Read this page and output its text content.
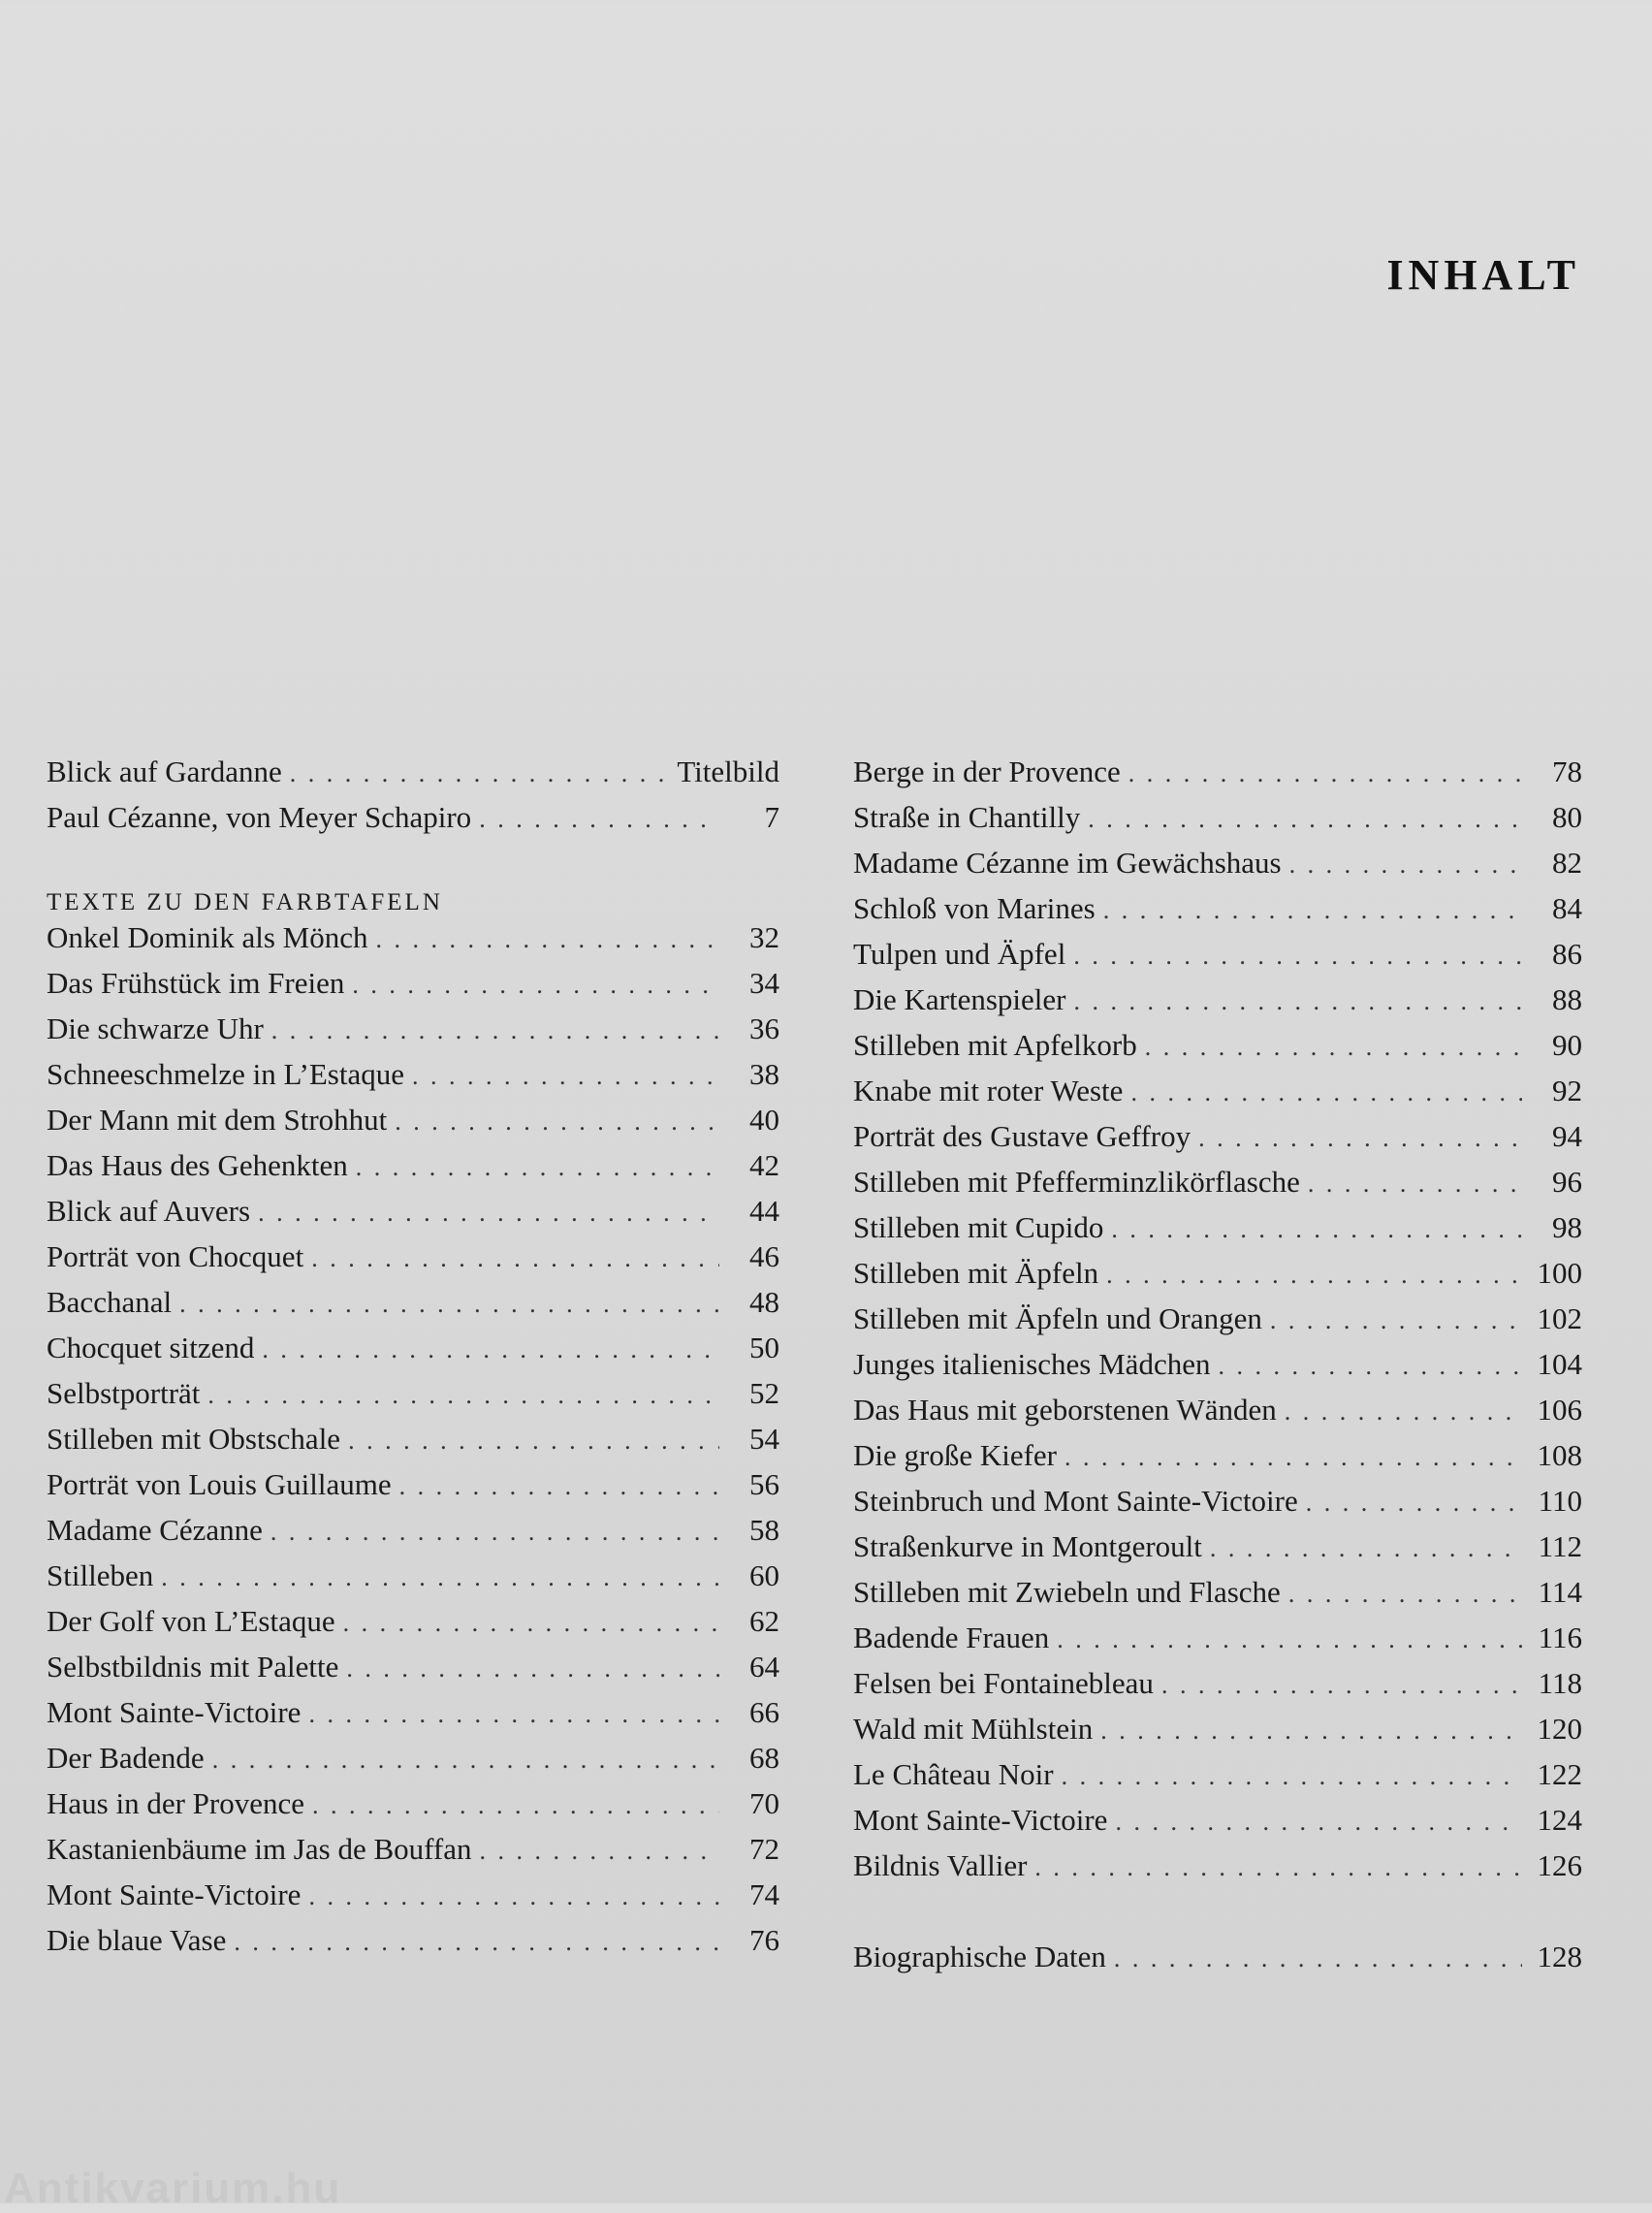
INHALT
Blick auf Gardanne . . .	Titelbild
Paul Cézanne, von Meyer Schapiro . . .	7
TEXTE ZU DEN FARBTAFELN
Onkel Dominik als Mönch . . .	32
Das Frühstück im Freien . . .	34
Die schwarze Uhr . . .	36
Schneeschmelze in L’Estaque . . .	38
Der Mann mit dem Strohhut . . .	40
Das Haus des Gehenkten . . .	42
Blick auf Auvers . . .	44
Porträt von Chocquet . . .	46
Bacchanal . . .	48
Chocquet sitzend . . .	50
Selbstporträt . . .	52
Stilleben mit Obstschale . . .	54
Porträt von Louis Guillaume . . .	56
Madame Cézanne . . .	58
Stilleben . . .	60
Der Golf von L’Estaque . . .	62
Selbstbildnis mit Palette . . .	64
Mont Sainte-Victoire . . .	66
Der Badende . . .	68
Haus in der Provence . . .	70
Kastanienbäume im Jas de Bouffan . . .	72
Mont Sainte-Victoire . . .	74
Die blaue Vase . . .	76
Berge in der Provence . . .	78
Straße in Chantilly . . .	80
Madame Cézanne im Gewächshaus . . .	82
Schloß von Marines . . .	84
Tulpen und Äpfel . . .	86
Die Kartenspieler . . .	88
Stilleben mit Apfelkorb . . .	90
Knabe mit roter Weste . . .	92
Porträt des Gustave Geffroy . . .	94
Stilleben mit Pfefferminzlikörflasche . . .	96
Stilleben mit Cupido . . .	98
Stilleben mit Äpfeln . . .	100
Stilleben mit Äpfeln und Orangen . . .	102
Junges italienisches Mädchen . . .	104
Das Haus mit geborstenen Wänden . . .	106
Die große Kiefer . . .	108
Steinbruch und Mont Sainte-Victoire . . .	110
Straßenkurve in Montgeroult . . .	112
Stilleben mit Zwiebeln und Flasche . . .	114
Badende Frauen . . .	116
Felsen bei Fontainebleau . . .	118
Wald mit Mühlstein . . .	120
Le Château Noir . . .	122
Mont Sainte-Victoire . . .	124
Bildnis Vallier . . .	126
Biographische Daten . . .	128
Antikvarium.hu
